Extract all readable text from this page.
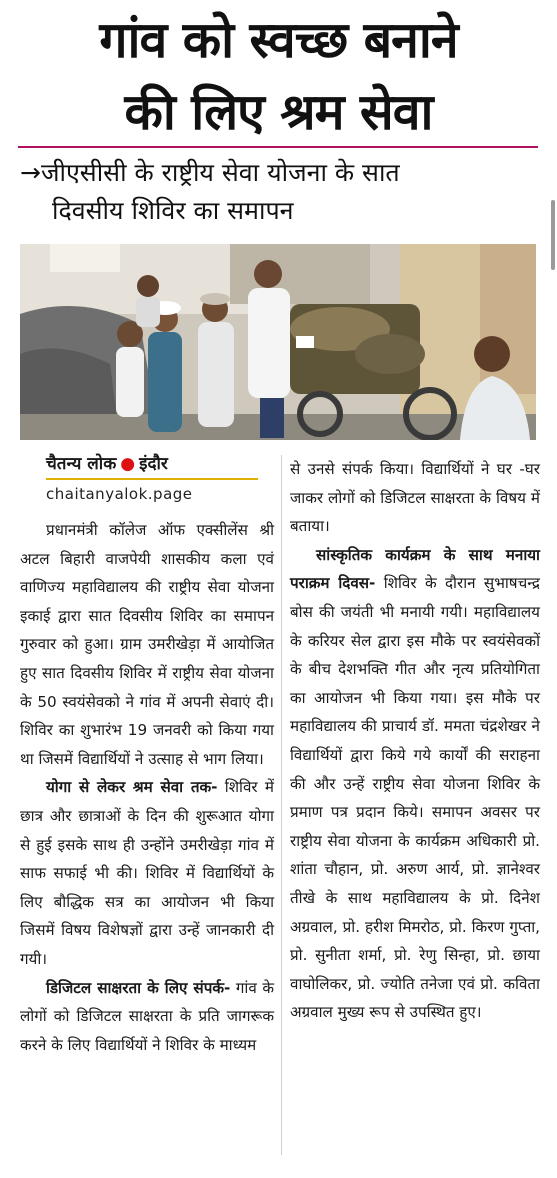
गांव को स्वच्छ बनाने
की लिए श्रम सेवा
→जीएसीसी के राष्ट्रीय सेवा योजना के सात
दिवसीय शिविर का समापन
चैतन्य लोक ● इंदौर
chaitanyalok.page

प्रधानमंत्री कॉलेज ऑफ एक्सीलेंस श्री अटल बिहारी वाजपेयी शासकीय कला एवं वाणिज्य महाविद्यालय की राष्ट्रीय सेवा योजना इकाई द्वारा सात दिवसीय शिविर का समापन गुरुवार को हुआ। ग्राम उमरीखेड़ा में आयोजित हुए सात दिवसीय शिविर में राष्ट्रीय सेवा योजना के 50 स्वयंसेवको ने गांव में अपनी सेवाएं दी। शिविर का शुभारंभ 19 जनवरी को किया गया था जिसमें विद्यार्थियों ने उत्साह से भाग लिया।

योगा से लेकर श्रम सेवा तक- शिविर में छात्र और छात्राओं के दिन की शुरूआत योगा से हुई इसके साथ ही उन्होंने उमरीखेड़ा गांव में साफ सफाई भी की। शिविर में विद्यार्थियों के लिए बौद्धिक सत्र का आयोजन भी किया जिसमें विषय विशेषज्ञों द्वारा उन्हें जानकारी दी गयी।

डिजिटल साक्षरता के लिए संपर्क- गांव के लोगों को डिजिटल साक्षरता के प्रति जागरूक करने के लिए विद्यार्थियों ने शिविर के माध्यम

से उनसे संपर्क किया। विद्यार्थियों ने घर -घर जाकर लोगों को डिजिटल साक्षरता के विषय में बताया।

सांस्कृतिक कार्यक्रम के साथ मनाया पराक्रम दिवस- शिविर के दौरान सुभाषचन्द्र बोस की जयंती भी मनायी गयी। महाविद्यालय के करियर सेल द्वारा इस मौके पर स्वयंसेवकों के बीच देशभक्ति गीत और नृत्य प्रतियोगिता का आयोजन भी किया गया। इस मौके पर महाविद्यालय की प्राचार्य डॉ. ममता चंद्रशेखर ने विद्यार्थियों द्वारा किये गये कार्यों की सराहना की और उन्हें राष्ट्रीय सेवा योजना शिविर के प्रमाण पत्र प्रदान किये। समापन अवसर पर राष्ट्रीय सेवा योजना के कार्यक्रम अधिकारी प्रो. शांता चौहान, प्रो. अरुण आर्य, प्रो. ज्ञानेश्वर तीखे के साथ महाविद्यालय के प्रो. दिनेश अग्रवाल, प्रो. हरीश मिमरोठ, प्रो. किरण गुप्ता, प्रो. सुनीता शर्मा, प्रो. रेणु सिन्हा, प्रो. छाया वाघोलिकर, प्रो. ज्योति तनेजा एवं प्रो. कविता अग्रवाल मुख्य रूप से उपस्थित हुए।
